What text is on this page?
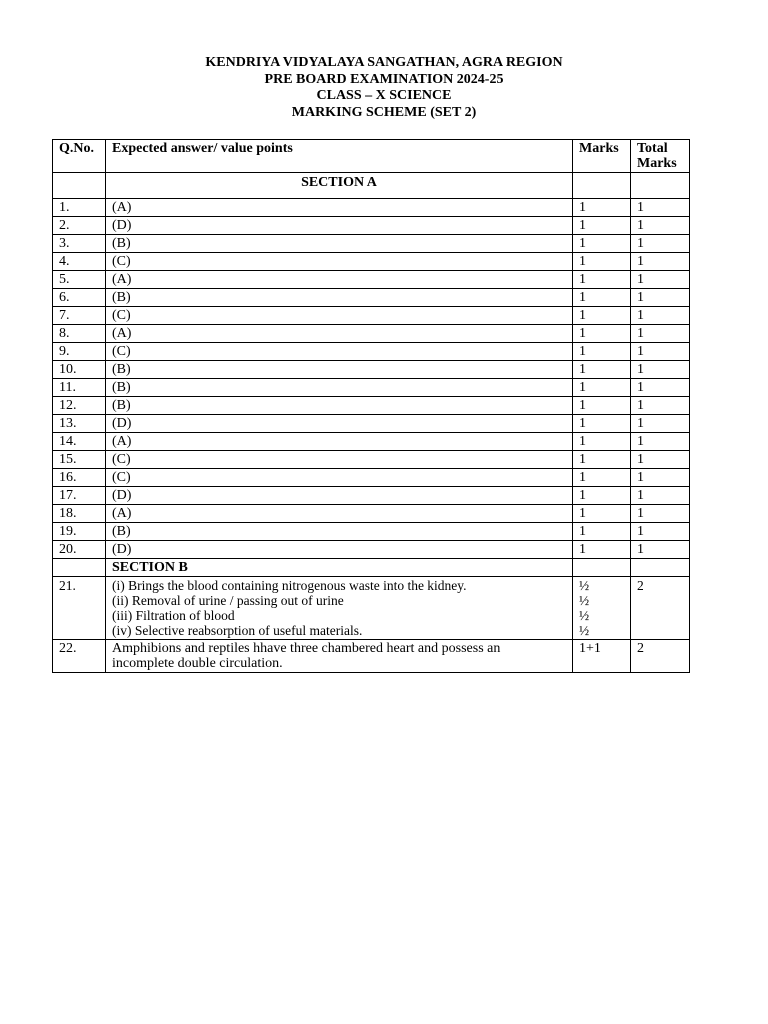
KENDRIYA VIDYALAYA SANGATHAN, AGRA REGION
PRE BOARD EXAMINATION 2024-25
CLASS – X SCIENCE
MARKING SCHEME (SET 2)
Q.No.	Expected answer/ value points	Marks	Total
Marks

	SECTION A		
1.	(A)	1	1
2.	(D)	1	1
3.	(B)	1	1
4.	(C)	1	1
5.	(A)	1	1
6.	(B)	1	1
7.	(C)	1	1
8.	(A)	1	1
9.	(C)	1	1
10.	(B)	1	1
11.	(B)	1	1
12.	(B)	1	1
13.	(D)	1	1
14.	(A)	1	1
15.	(C)	1	1
16.	(C)	1	1
17.	(D)	1	1
18.	(A)	1	1
19.	(B)	1	1
20.	(D)	1	1
	SECTION B		
21.	(i) Brings the blood containing nitrogenous waste into the kidney.
(ii) Removal of urine / passing out of urine
(iii) Filtration of blood
(iv) Selective reabsorption of useful materials.	½
½
½
½	2
22.	Amphibions and reptiles hhave three chambered heart and possess an
incomplete double circulation.	1+1	2
